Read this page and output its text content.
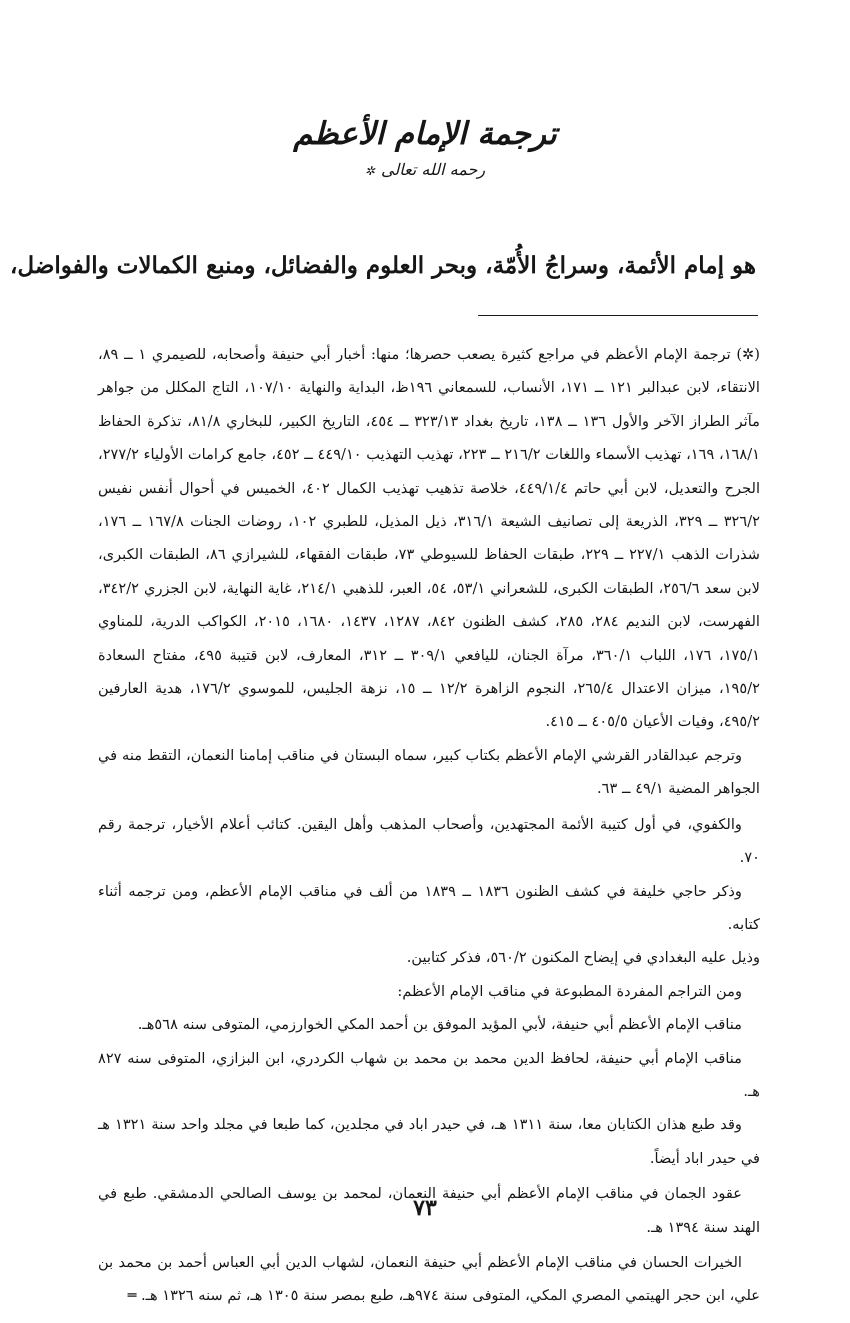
ترجمة الإمام الأعظم
رحمه الله تعالى✲
هو إمام الأئمة، وسراجُ الأُمّة، وبحر العلوم والفضائل، ومنبع الكمالات والفواضل،

(✲) ترجمة الإمام الأعظم في مراجع كثيرة يصعب حصرها؛ منها: أخبار أبي حنيفة وأصحابه، للصيمري ١ ــ ٨٩، الانتقاء، لابن عبدالبر ١٢١ ــ ١٧١، الأنساب، للسمعاني ١٩٦ظ، البداية والنهاية ١٠٧/١٠، التاج المكلل من جواهر مآثر الطراز الآخر والأول ١٣٦ ــ ١٣٨، تاريخ بغداد ٣٢٣/١٣ ــ ٤٥٤، التاريخ الكبير، للبخاري ٨١/٨، تذكرة الحفاظ ١٦٨/١، ١٦٩، تهذيب الأسماء واللغات ٢١٦/٢ ــ ٢٢٣، تهذيب التهذيب ٤٤٩/١٠ ــ ٤٥٢، جامع كرامات الأولياء ٢٧٧/٢، الجرح والتعديل، لابن أبي حاتم ٤٤٩/١/٤، خلاصة تذهيب تهذيب الكمال ٤٠٢، الخميس في أحوال أنفس نفيس ٣٢٦/٢ ــ ٣٢٩، الذريعة إلى تصانيف الشيعة ٣١٦/١، ذيل المذيل، للطبري ١٠٢، روضات الجنات ١٦٧/٨ ــ ١٧٦، شذرات الذهب ٢٢٧/١ ــ ٢٢٩، طبقات الحفاظ للسيوطي ٧٣، طبقات الفقهاء، للشيرازي ٨٦، الطبقات الكبرى، لابن سعد ٢٥٦/٦، الطبقات الكبرى، للشعراني ٥٣/١، ٥٤، العبر، للذهبي ٢١٤/١، غاية النهاية، لابن الجزري ٣٤٢/٢، الفهرست، لابن النديم ٢٨٤، ٢٨٥، كشف الظنون ٨٤٢، ١٢٨٧، ١٤٣٧، ١٦٨٠، ٢٠١٥، الكواكب الدرية، للمناوي ١٧٥/١، ١٧٦، اللباب ٣٦٠/١، مرآة الجنان، لليافعي ٣٠٩/١ ــ ٣١٢، المعارف، لابن قتيبة ٤٩٥، مفتاح السعادة ١٩٥/٢، ميزان الاعتدال ٢٦٥/٤، النجوم الزاهرة ١٢/٢ ــ ١٥، نزهة الجليس، للموسوي ١٧٦/٢، هدية العارفين ٤٩٥/٢، وفيات الأعيان ٤٠٥/٥ ــ ٤١٥.

وترجم عبدالقادر القرشي الإمام الأعظم بكتاب كبير، سماه البستان في مناقب إمامنا النعمان، التقط منه في الجواهر المضية ٤٩/١ ــ ٦٣.

والكفوي، في أول كتيبة الأئمة المجتهدين، وأصحاب المذهب وأهل اليقين. كتائب أعلام الأخيار، ترجمة رقم ٧٠.

وذكر حاجي خليفة في كشف الظنون ١٨٣٦ ــ ١٨٣٩ من ألف في مناقب الإمام الأعظم، ومن ترجمه أثناء كتابه.

وذيل عليه البغدادي في إيضاح المكنون ٥٦٠/٢، فذكر كتابين.

ومن التراجم المفردة المطبوعة في مناقب الإمام الأعظم:

مناقب الإمام الأعظم أبي حنيفة، لأبي المؤيد الموفق بن أحمد المكي الخوارزمي، المتوفى سنه ٥٦٨هـ.

مناقب الإمام أبي حنيفة، لحافظ الدين محمد بن محمد بن شهاب الكردري، ابن البزازي، المتوفى سنه ٨٢٧ هـ.

وقد طبع هذان الكتابان معا، سنة ١٣١١ هـ، في حيدر اباد في مجلدين، كما طبعا في مجلد واحد سنة ١٣٢١ هـ في حيدر اباد أيضاً.

عقود الجمان في مناقب الإمام الأعظم أبي حنيفة النعمان، لمحمد بن يوسف الصالحي الدمشقي. طبع في الهند سنة ١٣٩٤ هـ.

الخيرات الحسان في مناقب الإمام الأعظم أبي حنيفة النعمان، لشهاب الدين أبي العباس أحمد بن محمد بن علي، ابن حجر الهيتمي المصري المكي، المتوفى سنة ٩٧٤هـ، طبع بمصر سنة ١٣٠٥ هـ، ثم سنه ١٣٢٦ هـ. ═

٧٣
